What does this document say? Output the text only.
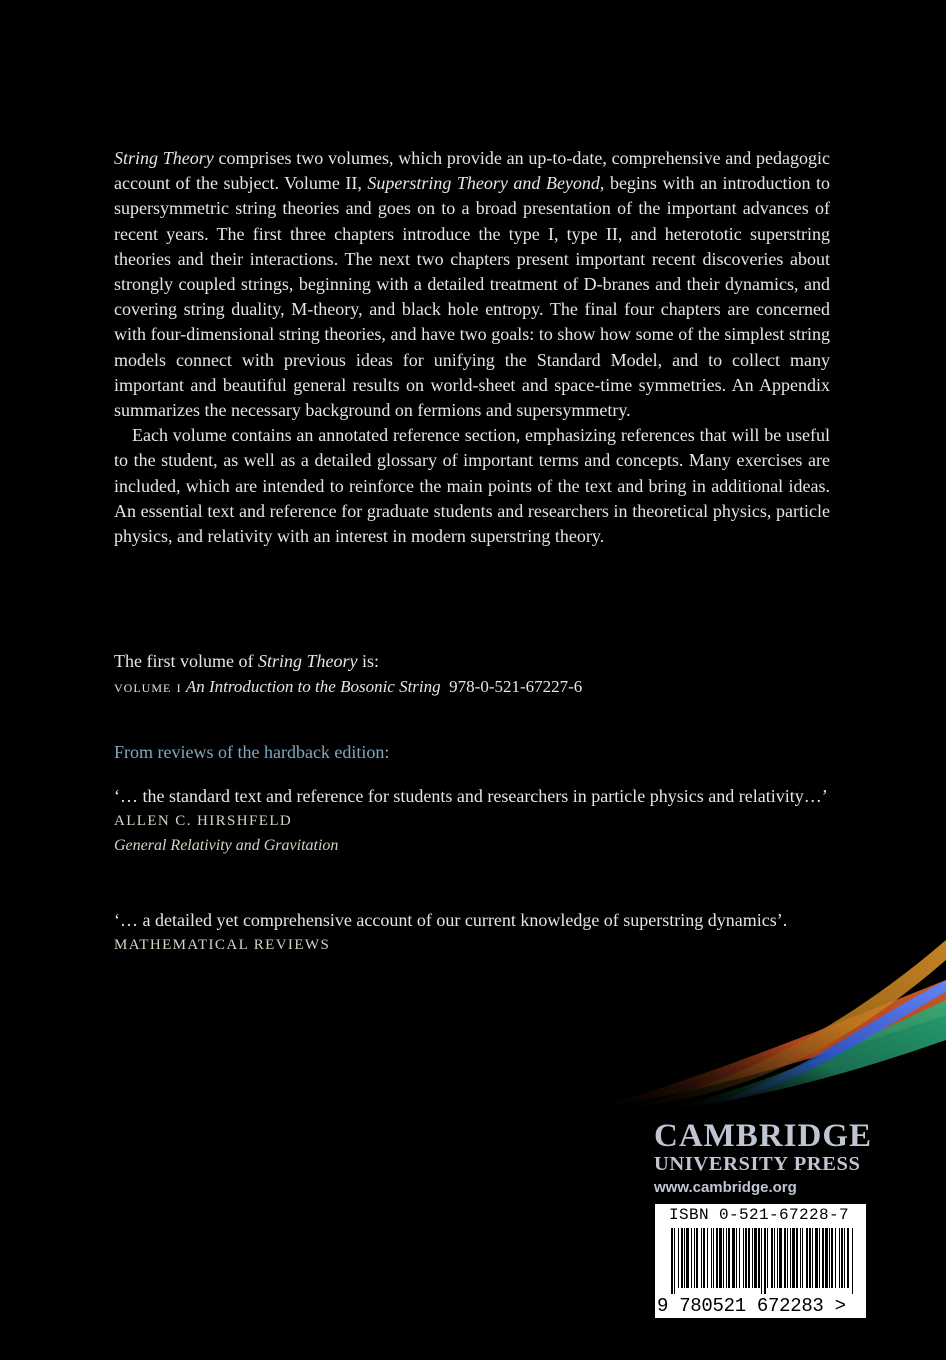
String Theory comprises two volumes, which provide an up-to-date, comprehensive and pedagogic account of the subject. Volume II, Superstring Theory and Beyond, begins with an introduction to supersymmetric string theories and goes on to a broad presentation of the important advances of recent years. The first three chapters introduce the type I, type II, and heterototic superstring theories and their interactions. The next two chapters present important recent discoveries about strongly coupled strings, beginning with a detailed treatment of D-branes and their dynamics, and covering string duality, M-theory, and black hole entropy. The final four chapters are concerned with four-dimensional string theories, and have two goals: to show how some of the simplest string models connect with previous ideas for unifying the Standard Model, and to collect many important and beautiful general results on world-sheet and space-time symmetries. An Appendix summarizes the necessary background on fermions and supersymmetry.

Each volume contains an annotated reference section, emphasizing references that will be useful to the student, as well as a detailed glossary of important terms and concepts. Many exercises are included, which are intended to reinforce the main points of the text and bring in additional ideas. An essential text and reference for graduate students and researchers in theoretical physics, particle physics, and relativity with an interest in modern superstring theory.

The first volume of String Theory is:

volume i An Introduction to the Bosonic String 978-0-521-67227-6

From reviews of the hardback edition:
‘… the standard text and reference for students and researchers in particle physics and relativity…’
ALLEN C. HIRSHFELD
General Relativity and Gravitation
‘… a detailed yet comprehensive account of our current knowledge of superstring dynamics’.
MATHEMATICAL REVIEWS
CAMBRIDGE
UNIVERSITY PRESS
www.cambridge.org
ISBN 0-521-67228-7
9 780521 672283 >
